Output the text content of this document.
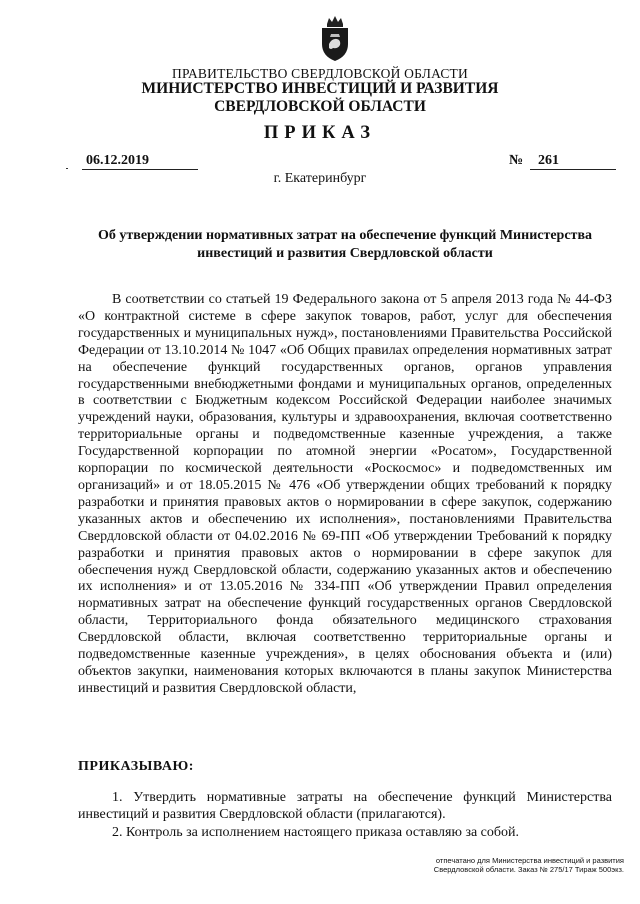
ПРАВИТЕЛЬСТВО СВЕРДЛОВСКОЙ ОБЛАСТИ
МИНИСТЕРСТВО ИНВЕСТИЦИЙ И РАЗВИТИЯ
СВЕРДЛОВСКОЙ ОБЛАСТИ
ПРИКАЗ
06.12.2019	№	261
г. Екатеринбург
Об утверждении нормативных затрат на обеспечение функций Министерства инвестиций и развития Свердловской области

В соответствии со статьей 19 Федерального закона от 5 апреля 2013 года № 44-ФЗ «О контрактной системе в сфере закупок товаров, работ, услуг для обеспечения государственных и муниципальных нужд», постановлениями Правительства Российской Федерации от 13.10.2014 № 1047 «Об Общих правилах определения нормативных затрат на обеспечение функций государственных органов, органов управления государственными внебюджетными фондами и муниципальных органов, определенных в соответствии с Бюджетным кодексом Российской Федерации наиболее значимых учреждений науки, образования, культуры и здравоохранения, включая соответственно территориальные органы и подведомственные казенные учреждения, а также Государственной корпорации по атомной энергии «Росатом», Государственной корпорации по космической деятельности «Роскосмос» и подведомственных им организаций» и от 18.05.2015 № 476 «Об утверждении общих требований к порядку разработки и принятия правовых актов о нормировании в сфере закупок, содержанию указанных актов и обеспечению их исполнения», постановлениями Правительства Свердловской области от 04.02.2016 № 69-ПП «Об утверждении Требований к порядку разработки и принятия правовых актов о нормировании в сфере закупок для обеспечения нужд Свердловской области, содержанию указанных актов и обеспечению их исполнения» и от 13.05.2016 № 334-ПП «Об утверждении Правил определения нормативных затрат на обеспечение функций государственных органов Свердловской области, Территориального фонда обязательного медицинского страхования Свердловской области, включая соответственно территориальные органы и подведомственные казенные учреждения», в целях обоснования объекта и (или) объектов закупки, наименования которых включаются в планы закупок Министерства инвестиций и развития Свердловской области,

ПРИКАЗЫВАЮ:

1. Утвердить нормативные затраты на обеспечение функций Министерства инвестиций и развития Свердловской области (прилагаются).

2. Контроль за исполнением настоящего приказа оставляю за собой.

отпечатано для Министерства инвестиций и развития
Свердловской области. Заказ № 275/17 Тираж 500экз.
